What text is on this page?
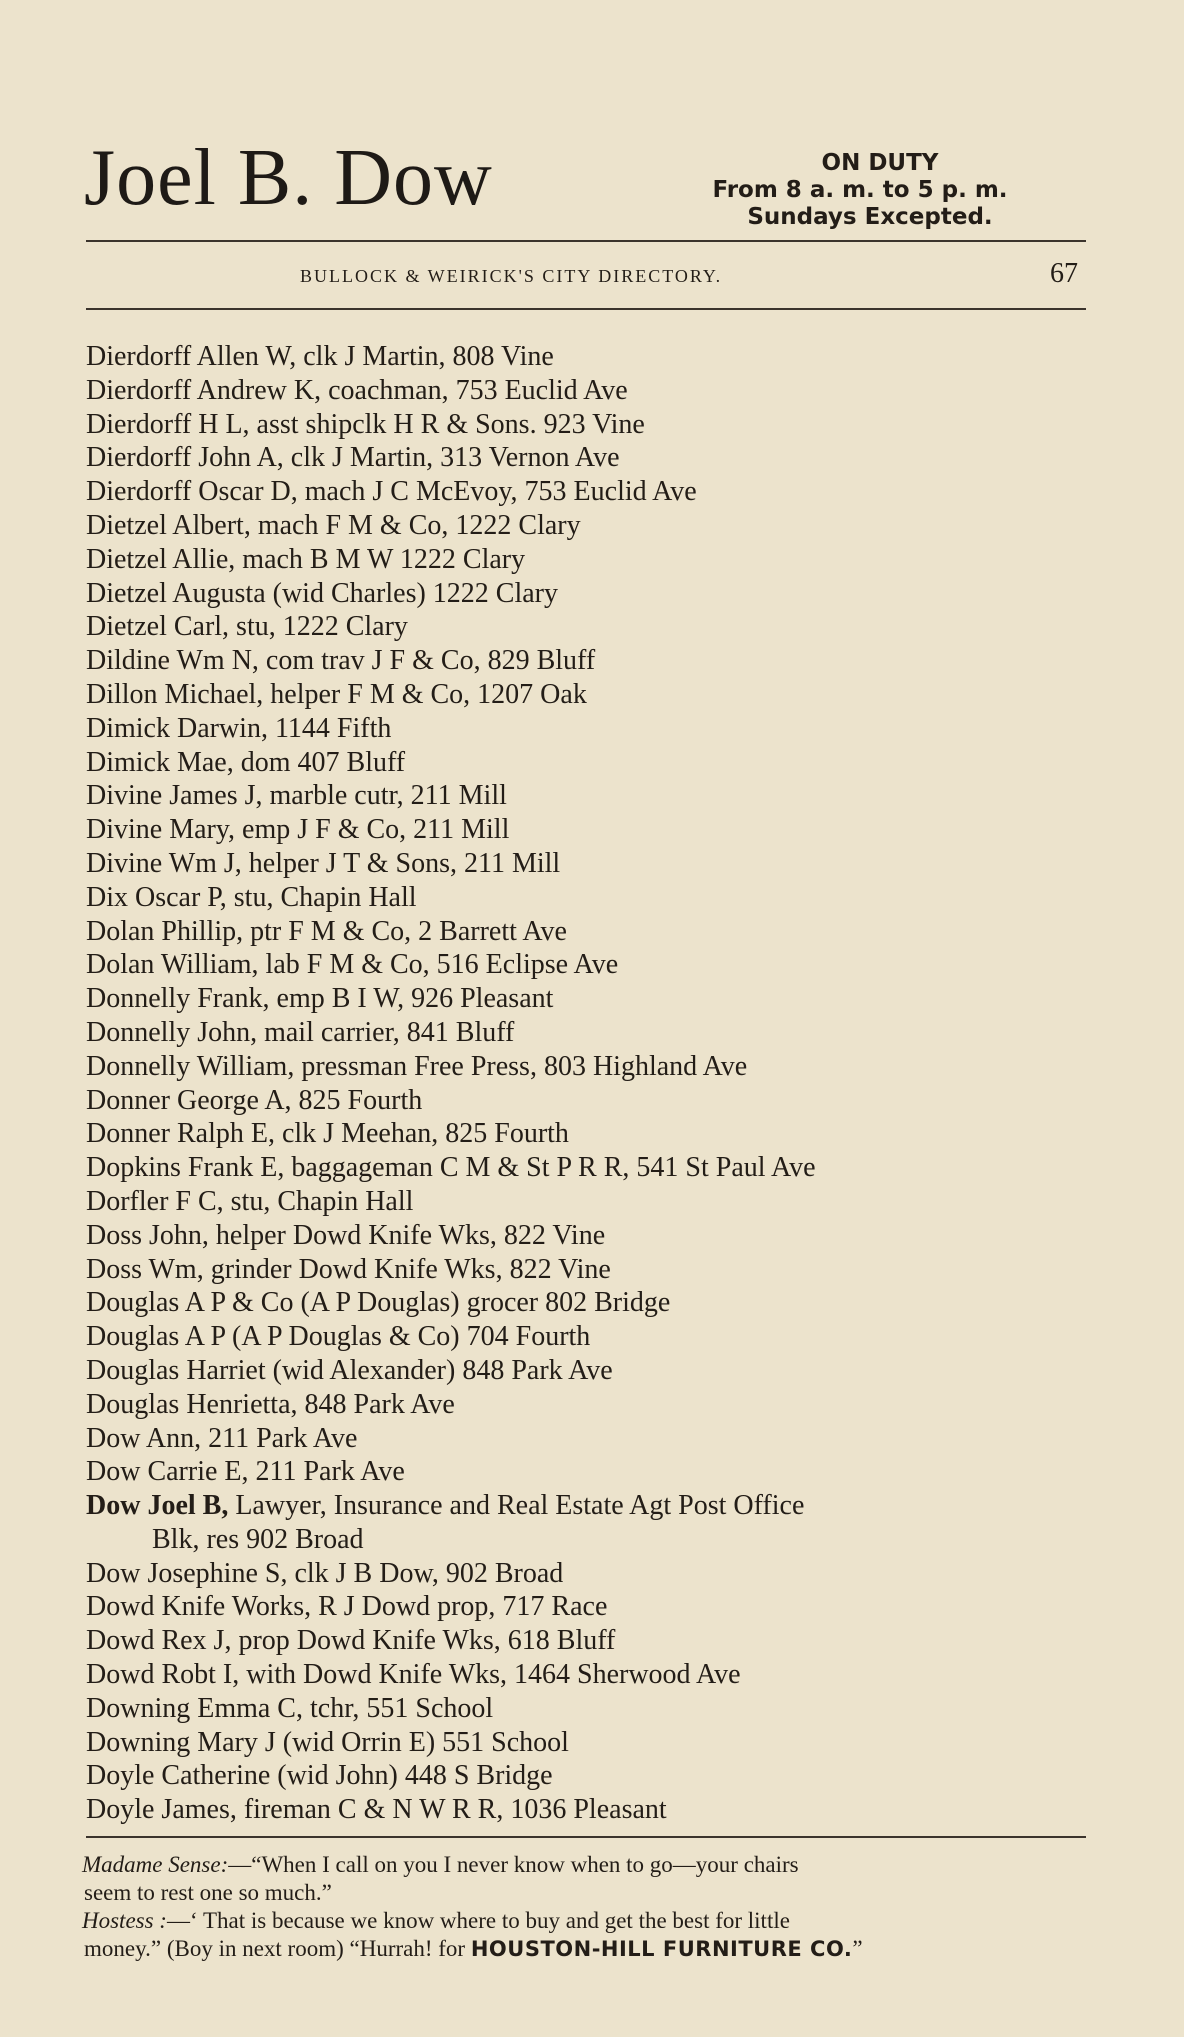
Joel B. Dow	ON DUTY
From 8 a. m. to 5 p. m.
Sundays Excepted.
BULLOCK & WEIRICK'S CITY DIRECTORY.	67
Dierdorff Allen W, clk J Martin, 808 Vine
Dierdorff Andrew K, coachman, 753 Euclid Ave
Dierdorff H L, asst shipclk H R & Sons. 923 Vine
Dierdorff John A, clk J Martin, 313 Vernon Ave
Dierdorff Oscar D, mach J C McEvoy, 753 Euclid Ave
Dietzel Albert, mach F M & Co, 1222 Clary
Dietzel Allie, mach B M W 1222 Clary
Dietzel Augusta (wid Charles) 1222 Clary
Dietzel Carl, stu, 1222 Clary
Dildine Wm N, com trav J F & Co, 829 Bluff
Dillon Michael, helper F M & Co, 1207 Oak
Dimick Darwin, 1144 Fifth
Dimick Mae, dom 407 Bluff
Divine James J, marble cutr, 211 Mill
Divine Mary, emp J F & Co, 211 Mill
Divine Wm J, helper J T & Sons, 211 Mill
Dix Oscar P, stu, Chapin Hall
Dolan Phillip, ptr F M & Co, 2 Barrett Ave
Dolan William, lab F M & Co, 516 Eclipse Ave
Donnelly Frank, emp B I W, 926 Pleasant
Donnelly John, mail carrier, 841 Bluff
Donnelly William, pressman Free Press, 803 Highland Ave
Donner George A, 825 Fourth
Donner Ralph E, clk J Meehan, 825 Fourth
Dopkins Frank E, baggageman C M & St P R R, 541 St Paul Ave
Dorfler F C, stu, Chapin Hall
Doss John, helper Dowd Knife Wks, 822 Vine
Doss Wm, grinder Dowd Knife Wks, 822 Vine
Douglas A P & Co (A P Douglas) grocer 802 Bridge
Douglas A P (A P Douglas & Co) 704 Fourth
Douglas Harriet (wid Alexander) 848 Park Ave
Douglas Henrietta, 848 Park Ave
Dow Ann, 211 Park Ave
Dow Carrie E, 211 Park Ave
Dow Joel B, Lawyer, Insurance and Real Estate Agt Post Office
Blk, res 902 Broad
Dow Josephine S, clk J B Dow, 902 Broad
Dowd Knife Works, R J Dowd prop, 717 Race
Dowd Rex J, prop Dowd Knife Wks, 618 Bluff
Dowd Robt I, with Dowd Knife Wks, 1464 Sherwood Ave
Downing Emma C, tchr, 551 School
Downing Mary J (wid Orrin E) 551 School
Doyle Catherine (wid John) 448 S Bridge
Doyle James, fireman C & N W R R, 1036 Pleasant
Madame Sense:—“When I call on you I never know when to go—your chairs
seem to rest one so much.”
Hostess :—‘ That is because we know where to buy and get the best for little
money.” (Boy in next room) “Hurrah! for HOUSTON-HILL FURNITURE CO.”
